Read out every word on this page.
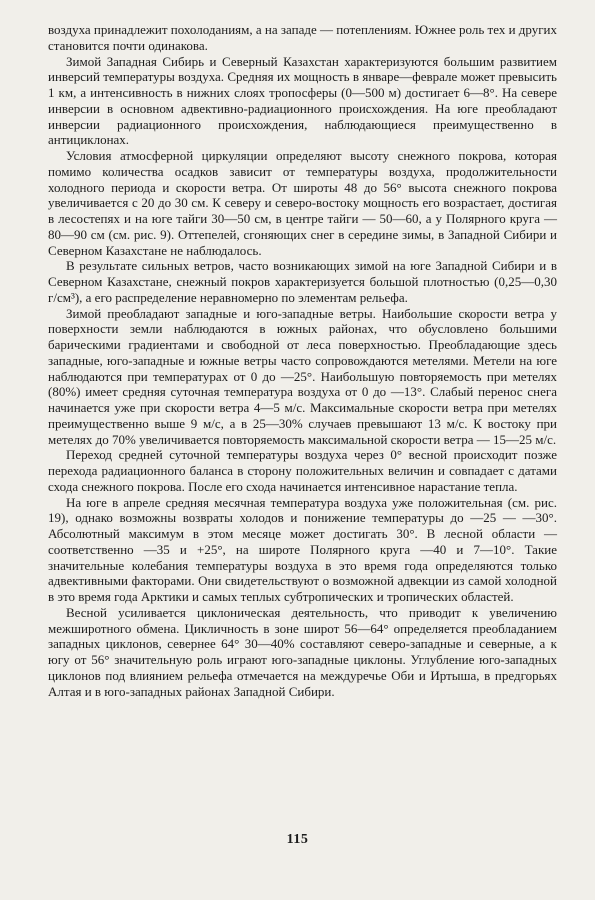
воздуха принадлежит похолоданиям, а на западе — потеплениям. Южнее роль тех и других становится почти одинакова.

Зимой Западная Сибирь и Северный Казахстан характеризуются большим развитием инверсий температуры воздуха. Средняя их мощность в январе—феврале может превысить 1 км, а интенсивность в нижних слоях тропосферы (0—500 м) достигает 6—8°. На севере инверсии в основном адвективно-радиационного происхождения. На юге преобладают инверсии радиационного происхождения, наблюдающиеся преимущественно в антициклонах.

Условия атмосферной циркуляции определяют высоту снежного покрова, которая помимо количества осадков зависит от температуры воздуха, продолжительности холодного периода и скорости ветра. От широты 48 до 56° высота снежного покрова увеличивается с 20 до 30 см. К северу и северо-востоку мощность его возрастает, достигая в лесостепях и на юге тайги 30—50 см, в центре тайги — 50—60, а у Полярного круга — 80—90 см (см. рис. 9). Оттепелей, сгоняющих снег в середине зимы, в Западной Сибири и Северном Казахстане не наблюдалось.

В результате сильных ветров, часто возникающих зимой на юге Западной Сибири и в Северном Казахстане, снежный покров характеризуется большой плотностью (0,25—0,30 г/см³), а его распределение неравномерно по элементам рельефа.

Зимой преобладают западные и юго-западные ветры. Наибольшие скорости ветра у поверхности земли наблюдаются в южных районах, что обусловлено большими барическими градиентами и свободной от леса поверхностью. Преобладающие здесь западные, юго-западные и южные ветры часто сопровождаются метелями. Метели на юге наблюдаются при температурах от 0 до —25°. Наибольшую повторяемость при метелях (80%) имеет средняя суточная температура воздуха от 0 до —13°. Слабый перенос снега начинается уже при скорости ветра 4—5 м/с. Максимальные скорости ветра при метелях преимущественно выше 9 м/с, а в 25—30% случаев превышают 13 м/с. К востоку при метелях до 70% увеличивается повторяемость максимальной скорости ветра — 15—25 м/с.

Переход средней суточной температуры воздуха через 0° весной происходит позже перехода радиационного баланса в сторону положительных величин и совпадает с датами схода снежного покрова. После его схода начинается интенсивное нарастание тепла.

На юге в апреле средняя месячная температура воздуха уже положительная (см. рис. 19), однако возможны возвраты холодов и понижение температуры до —25 — —30°. Абсолютный максимум в этом месяце может достигать 30°. В лесной области — соответственно —35 и +25°, на широте Полярного круга —40 и 7—10°. Такие значительные колебания температуры воздуха в это время года определяются только адвективными факторами. Они свидетельствуют о возможной адвекции из самой холодной в это время года Арктики и самых теплых субтропических и тропических областей.

Весной усиливается циклоническая деятельность, что приводит к увеличению межширотного обмена. Цикличность в зоне широт 56—64° определяется преобладанием западных циклонов, севернее 64° 30—40% составляют северо-западные и северные, а к югу от 56° значительную роль играют юго-западные циклоны. Углубление юго-западных циклонов под влиянием рельефа отмечается на междуречье Оби и Иртыша, в предгорьях Алтая и в юго-западных районах Западной Сибири.

115
